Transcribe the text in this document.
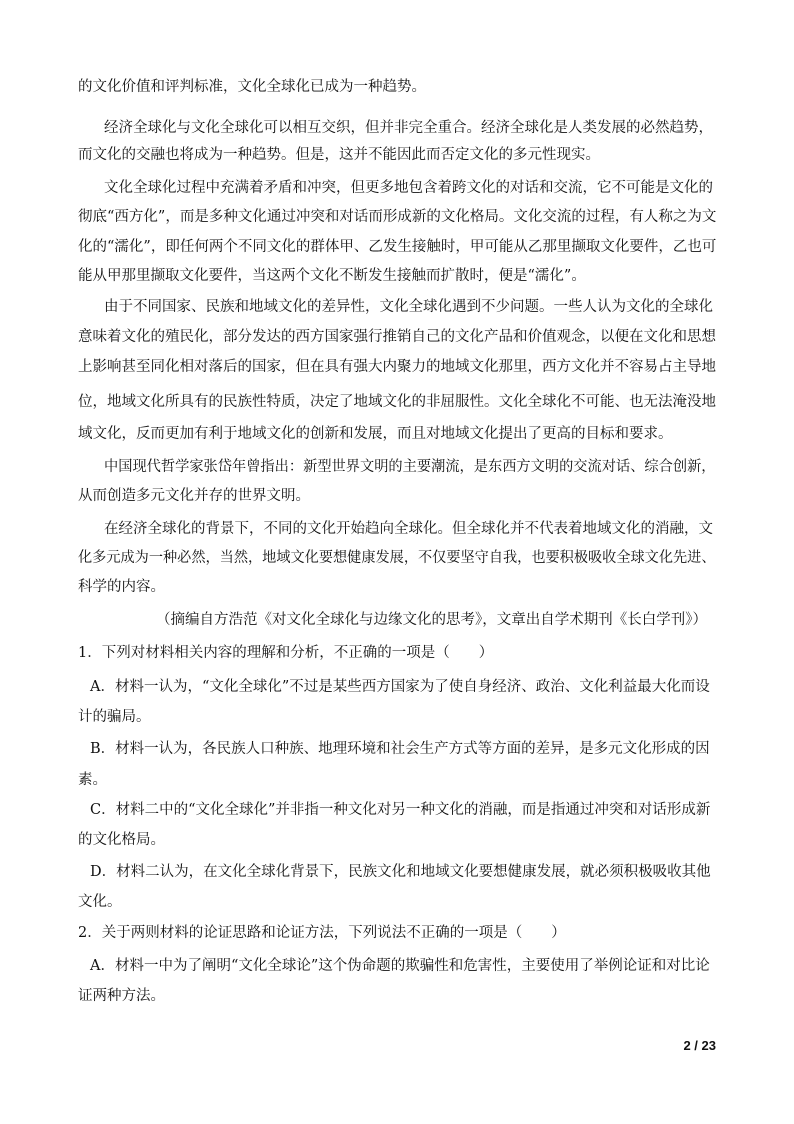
的文化价值和评判标准，文化全球化已成为一种趋势。
经济全球化与文化全球化可以相互交织，但并非完全重合。经济全球化是人类发展的必然趋势，
而文化的交融也将成为一种趋势。但是，这并不能因此而否定文化的多元性现实。
文化全球化过程中充满着矛盾和冲突，但更多地包含着跨文化的对话和交流，它不可能是文化的
彻底“西方化”，而是多种文化通过冲突和对话而形成新的文化格局。文化交流的过程，有人称之为文
化的“濡化”，即任何两个不同文化的群体甲、乙发生接触时，甲可能从乙那里撷取文化要件，乙也可
能从甲那里撷取文化要件，当这两个文化不断发生接触而扩散时，便是“濡化”。
由于不同国家、民族和地域文化的差异性，文化全球化遇到不少问题。一些人认为文化的全球化
意味着文化的殖民化，部分发达的西方国家强行推销自己的文化产品和价值观念，以便在文化和思想
上影响甚至同化相对落后的国家，但在具有强大内聚力的地域文化那里，西方文化并不容易占主导地
位，地域文化所具有的民族性特质，决定了地域文化的非屈服性。文化全球化不可能、也无法淹没地
域文化，反而更加有利于地域文化的创新和发展，而且对地域文化提出了更高的目标和要求。
中国现代哲学家张岱年曾指出：新型世界文明的主要潮流，是东西方文明的交流对话、综合创新，
从而创造多元文化并存的世界文明。
在经济全球化的背景下，不同的文化开始趋向全球化。但全球化并不代表着地域文化的消融，文
化多元成为一种必然，当然，地域文化要想健康发展，不仅要坚守自我，也要积极吸收全球文化先进、
科学的内容。
（摘编自方浩范《对文化全球化与边缘文化的思考》，文章出自学术期刊《长白学刊》）
1．下列对材料相关内容的理解和分析，不正确的一项是（　　）
A．材料一认为，“文化全球化”不过是某些西方国家为了使自身经济、政治、文化利益最大化而设
计的骗局。
B．材料一认为，各民族人口种族、地理环境和社会生产方式等方面的差异，是多元文化形成的因
素。
C．材料二中的“文化全球化”并非指一种文化对另一种文化的消融，而是指通过冲突和对话形成新
的文化格局。
D．材料二认为，在文化全球化背景下，民族文化和地域文化要想健康发展，就必须积极吸收其他
文化。
2．关于两则材料的论证思路和论证方法，下列说法不正确的一项是（　　）
A．材料一中为了阐明“文化全球论”这个伪命题的欺骗性和危害性，主要使用了举例论证和对比论
证两种方法。
2 / 23
